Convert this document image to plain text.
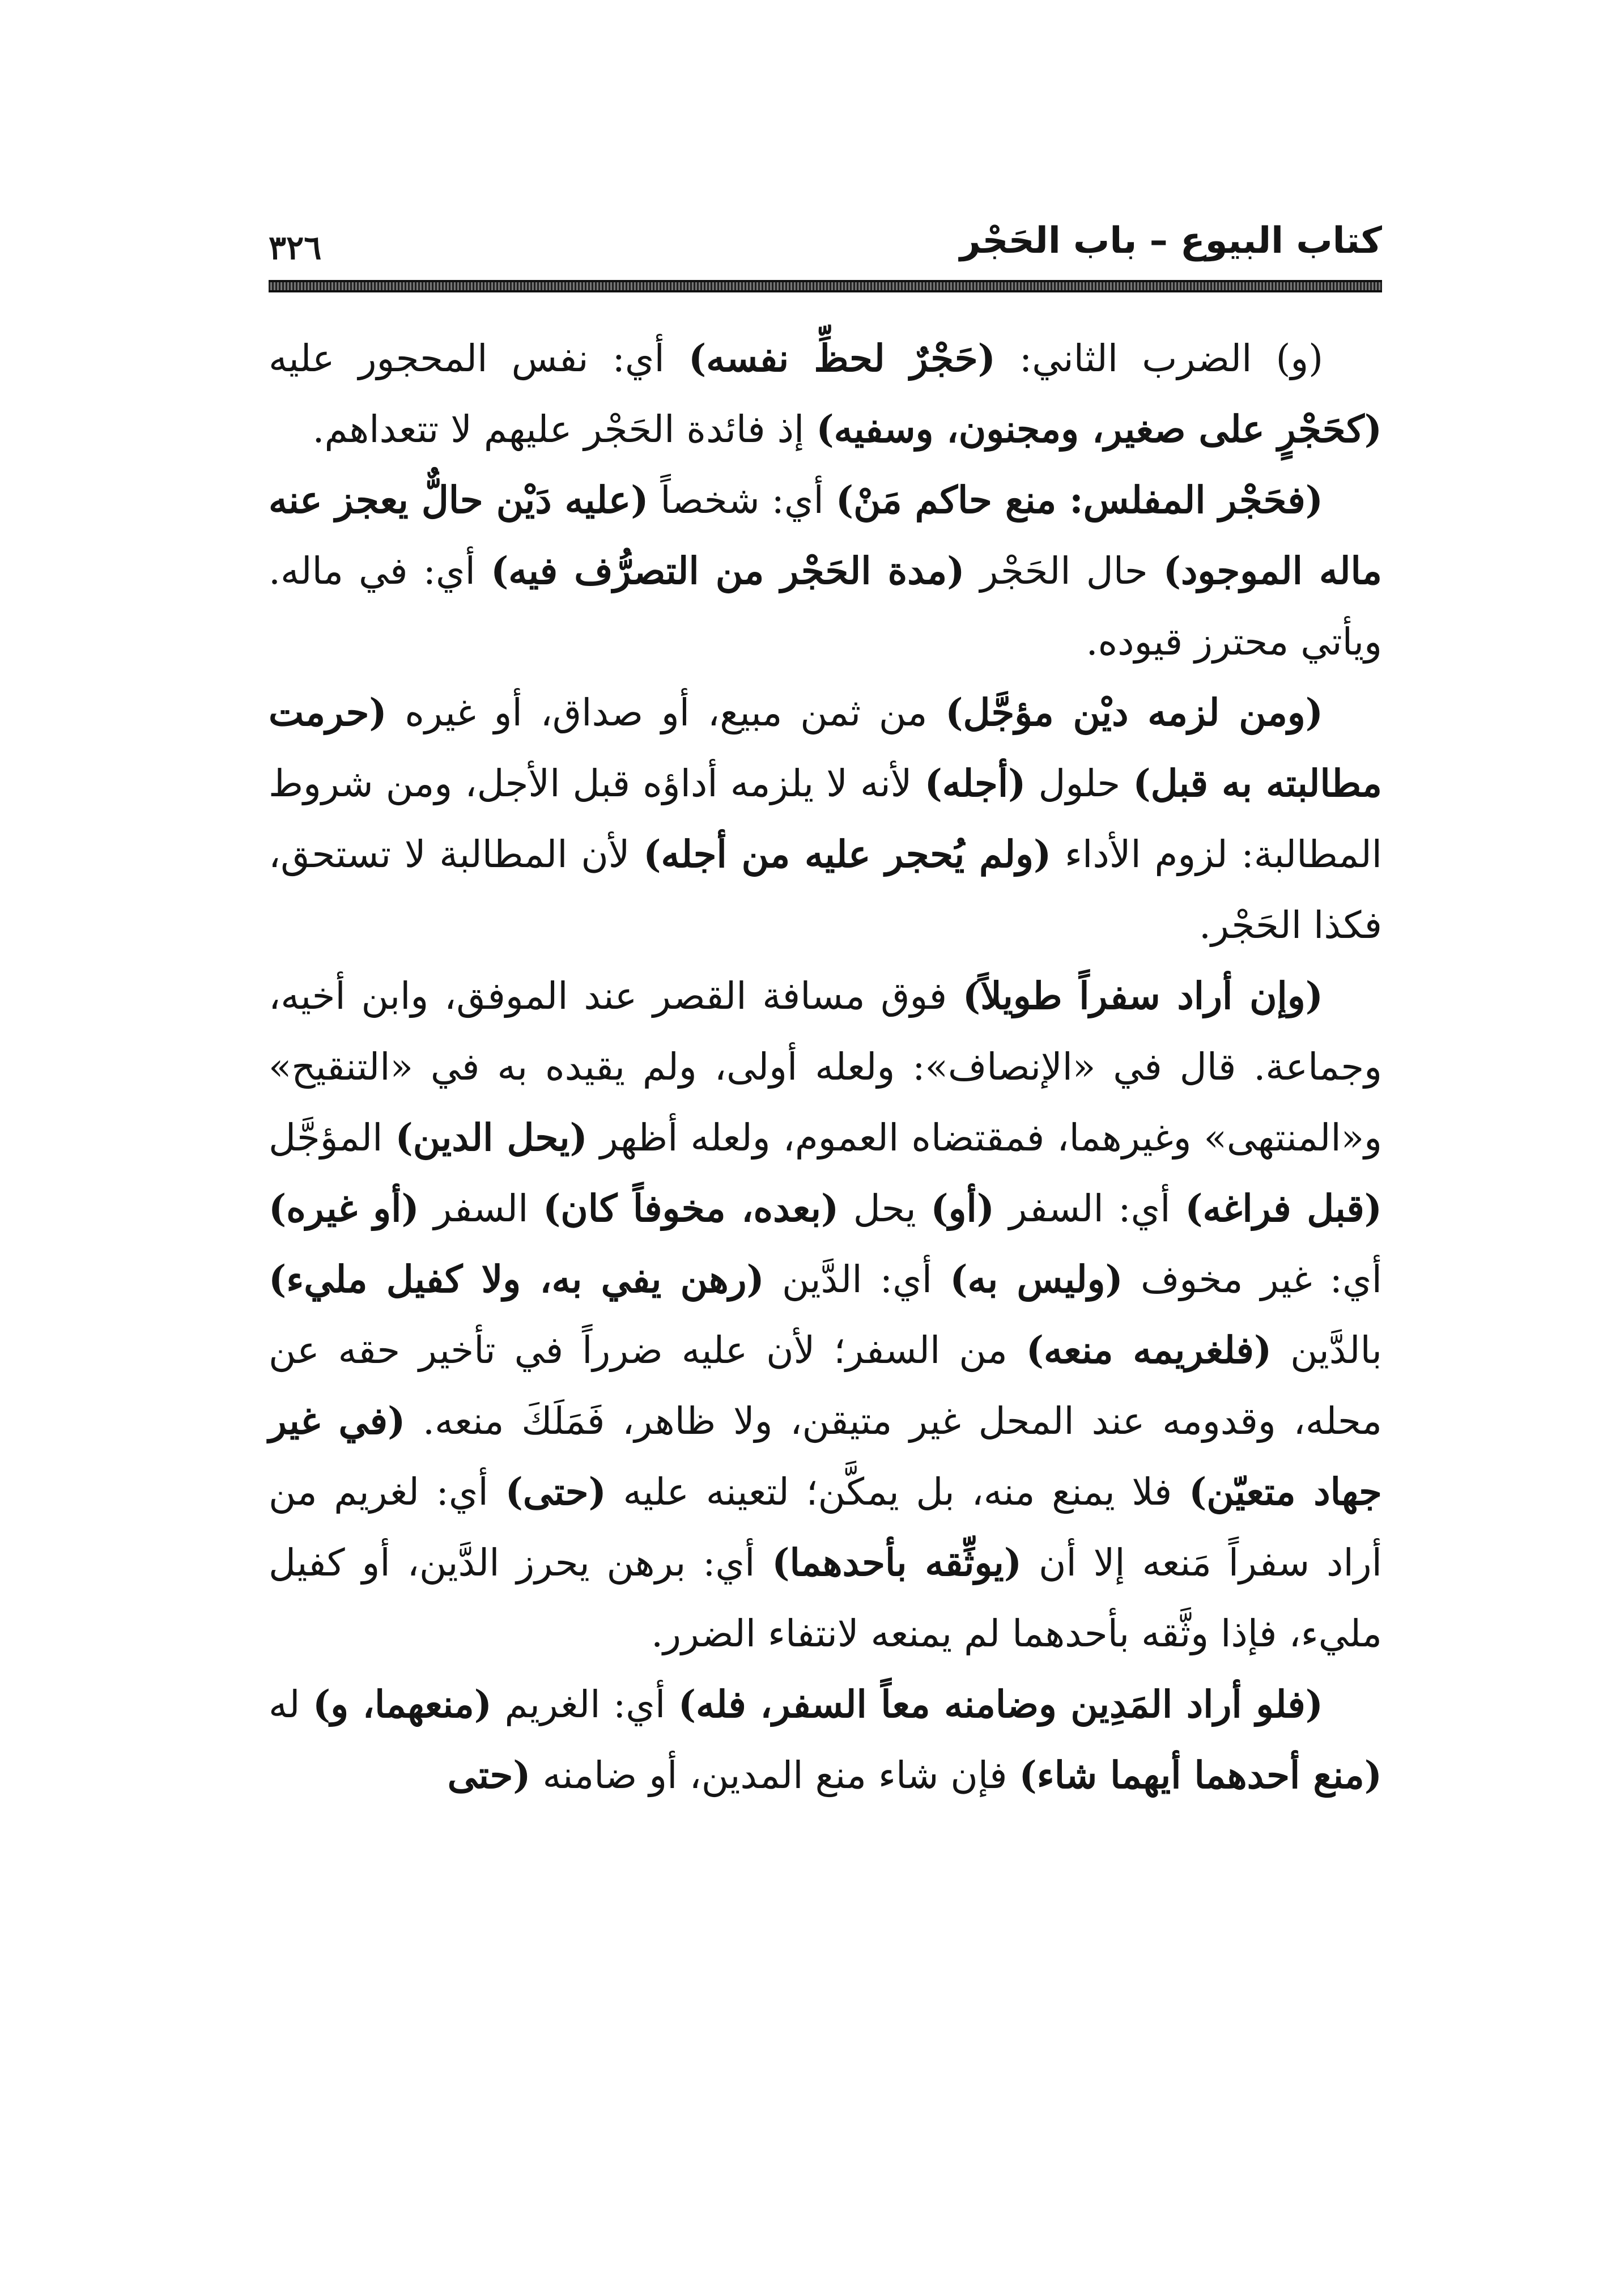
كتاب البيوع – باب الحَجْر
٣٢٦

(و) الضرب الثاني: (حَجْرٌ لحظِّ نفسه) أي: نفس المحجور عليه (كحَجْرٍ على صغير، ومجنون، وسفيه) إذ فائدة الحَجْر عليهم لا تتعداهم.

(فحَجْر المفلس: منع حاكم مَنْ) أي: شخصاً (عليه دَيْن حالٌّ يعجز عنه ماله الموجود) حال الحَجْر (مدة الحَجْر من التصرُّف فيه) أي: في ماله. ويأتي محترز قيوده.

(ومن لزمه ديْن مؤجَّل) من ثمن مبيع، أو صداق، أو غيره (حرمت مطالبته به قبل) حلول (أجله) لأنه لا يلزمه أداؤه قبل الأجل، ومن شروط المطالبة: لزوم الأداء (ولم يُحجر عليه من أجله) لأن المطالبة لا تستحق، فكذا الحَجْر.

(وإن أراد سفراً طويلاً) فوق مسافة القصر عند الموفق، وابن أخيه، وجماعة. قال في «الإنصاف»: ولعله أولى، ولم يقيده به في «التنقيح» و«المنتهى» وغيرهما، فمقتضاه العموم، ولعله أظهر (يحل الدين) المؤجَّل (قبل فراغه) أي: السفر (أو) يحل (بعده، مخوفاً كان) السفر (أو غيره) أي: غير مخوف (وليس به) أي: الدَّين (رهن يفي به، ولا كفيل مليء) بالدَّين (فلغريمه منعه) من السفر؛ لأن عليه ضرراً في تأخير حقه عن محله، وقدومه عند المحل غير متيقن، ولا ظاهر، فَمَلَكَ منعه. (في غير جهاد متعيّن) فلا يمنع منه، بل يمكَّن؛ لتعينه عليه (حتى) أي: لغريم من أراد سفراً مَنعه إلا أن (يوثِّقه بأحدهما) أي: برهن يحرز الدَّين، أو كفيل مليء، فإذا وثَّقه بأحدهما لم يمنعه لانتفاء الضرر.

(فلو أراد المَدِين وضامنه معاً السفر، فله) أي: الغريم (منعهما، و) له (منع أحدهما أيهما شاء) فإن شاء منع المدين، أو ضامنه (حتى
